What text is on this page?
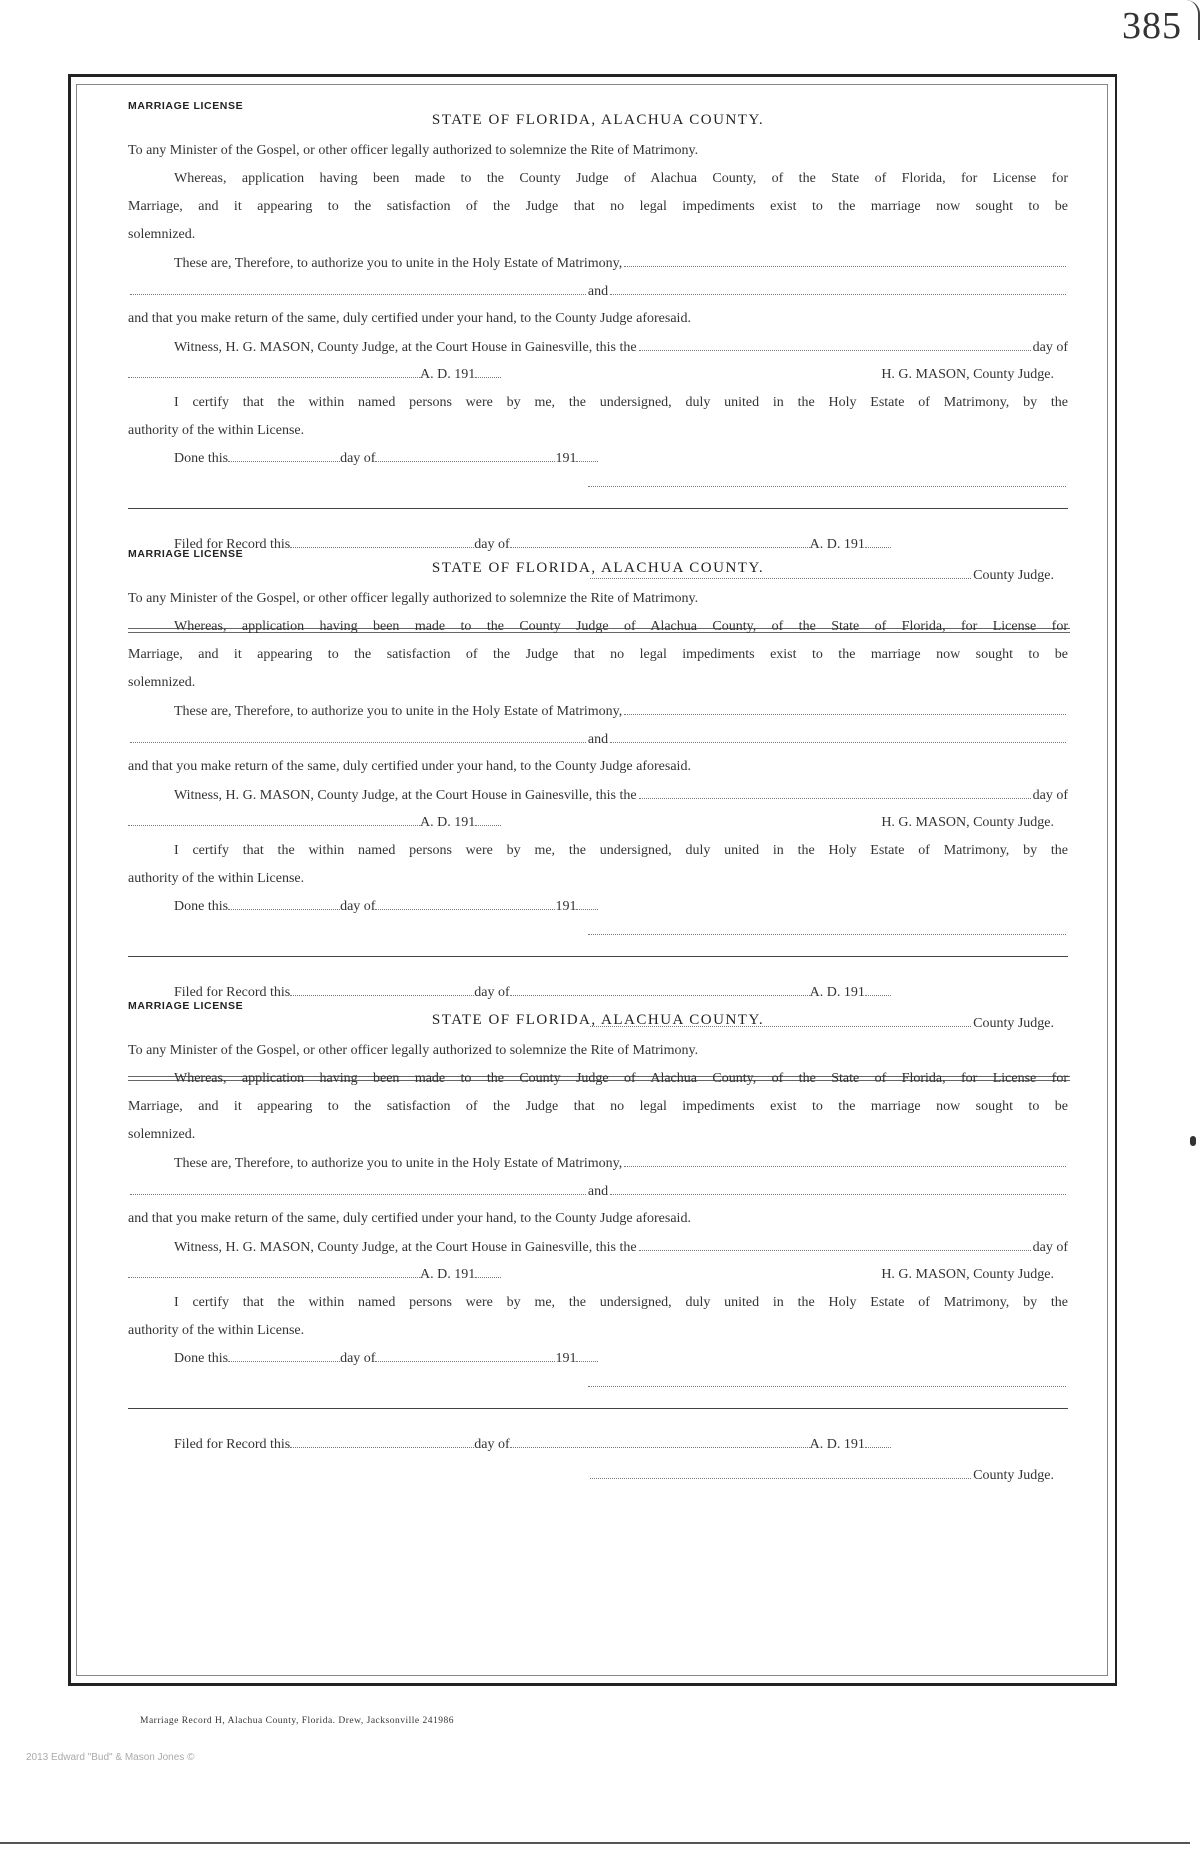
385
MARRIAGE LICENSE
STATE OF FLORIDA, ALACHUA COUNTY.
To any Minister of the Gospel, or other officer legally authorized to solemnize the Rite of Matrimony.
Whereas, application having been made to the County Judge of Alachua County, of the State of Florida, for License for
Marriage, and it appearing to the satisfaction of the Judge that no legal impediments exist to the marriage now sought to be
solemnized.
These are, Therefore, to authorize you to unite in the Holy Estate of Matrimony,
and
and that you make return of the same, duly certified under your hand, to the County Judge aforesaid.
Witness, H. G. MASON, County Judge, at the Court House in Gainesville, this the	day of
A. D. 191	H. G. MASON, County Judge.
I certify that the within named persons were by me, the undersigned, duly united in the Holy Estate of Matrimony, by the
authority of the within License.
Done this	day of	191
Filed for Record this	day of	A. D. 191
County Judge.
MARRIAGE LICENSE
STATE OF FLORIDA, ALACHUA COUNTY.
To any Minister of the Gospel, or other officer legally authorized to solemnize the Rite of Matrimony.
Whereas, application having been made to the County Judge of Alachua County, of the State of Florida, for License for
Marriage, and it appearing to the satisfaction of the Judge that no legal impediments exist to the marriage now sought to be
solemnized.
These are, Therefore, to authorize you to unite in the Holy Estate of Matrimony,
and
and that you make return of the same, duly certified under your hand, to the County Judge aforesaid.
Witness, H. G. MASON, County Judge, at the Court House in Gainesville, this the	day of
A. D. 191	H. G. MASON, County Judge.
I certify that the within named persons were by me, the undersigned, duly united in the Holy Estate of Matrimony, by the
authority of the within License.
Done this	day of	191
Filed for Record this	day of	A. D. 191
County Judge.
MARRIAGE LICENSE
STATE OF FLORIDA, ALACHUA COUNTY.
To any Minister of the Gospel, or other officer legally authorized to solemnize the Rite of Matrimony.
Whereas, application having been made to the County Judge of Alachua County, of the State of Florida, for License for
Marriage, and it appearing to the satisfaction of the Judge that no legal impediments exist to the marriage now sought to be
solemnized.
These are, Therefore, to authorize you to unite in the Holy Estate of Matrimony,
and
and that you make return of the same, duly certified under your hand, to the County Judge aforesaid.
Witness, H. G. MASON, County Judge, at the Court House in Gainesville, this the	day of
A. D. 191	H. G. MASON, County Judge.
I certify that the within named persons were by me, the undersigned, duly united in the Holy Estate of Matrimony, by the
authority of the within License.
Done this	day of	191
Filed for Record this	day of	A. D. 191
County Judge.
Marriage Record H, Alachua County, Florida. Drew, Jacksonville 241986
2013 Edward "Bud" & Mason Jones ©
